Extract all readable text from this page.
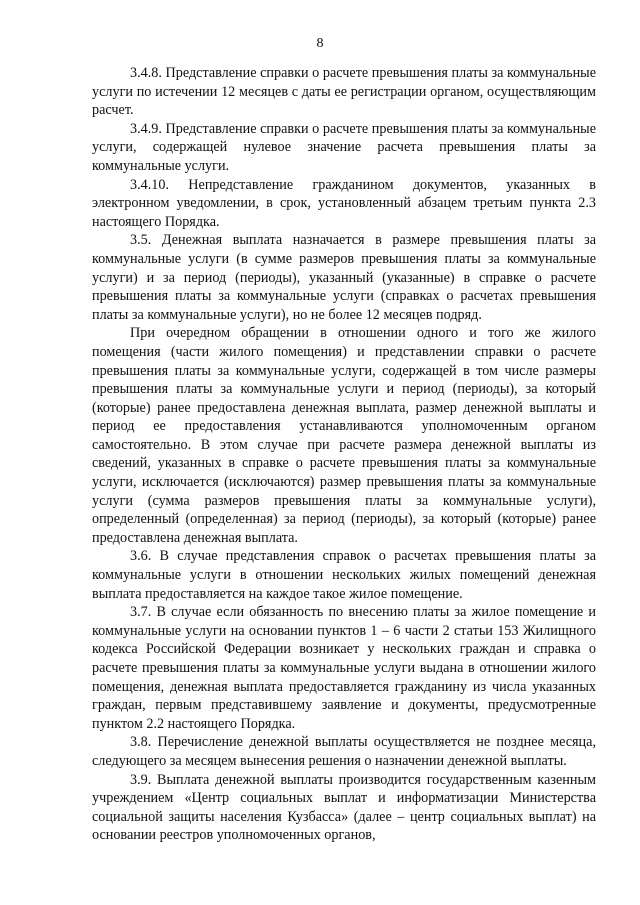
8

3.4.8. Представление справки о расчете превышения платы за коммунальные услуги по истечении 12 месяцев с даты ее регистрации органом, осуществляющим расчет.

3.4.9. Представление справки о расчете превышения платы за коммунальные услуги, содержащей нулевое значение расчета превышения платы за коммунальные услуги.

3.4.10. Непредставление гражданином документов, указанных в электронном уведомлении, в срок, установленный абзацем третьим пункта 2.3 настоящего Порядка.

3.5. Денежная выплата назначается в размере превышения платы за коммунальные услуги (в сумме размеров превышения платы за коммунальные услуги) и за период (периоды), указанный (указанные) в справке о расчете превышения платы за коммунальные услуги (справках о расчетах превышения платы за коммунальные услуги), но не более 12 месяцев подряд.

При очередном обращении в отношении одного и того же жилого помещения (части жилого помещения) и представлении справки о расчете превышения платы за коммунальные услуги, содержащей в том числе размеры превышения платы за коммунальные услуги и период (периоды), за который (которые) ранее предоставлена денежная выплата, размер денежной выплаты и период ее предоставления устанавливаются уполномоченным органом самостоятельно. В этом случае при расчете размера денежной выплаты из сведений, указанных в справке о расчете превышения платы за коммунальные услуги, исключается (исключаются) размер превышения платы за коммунальные услуги (сумма размеров превышения платы за коммунальные услуги), определенный (определенная) за период (периоды), за который (которые) ранее предоставлена денежная выплата.

3.6. В случае представления справок о расчетах превышения платы за коммунальные услуги в отношении нескольких жилых помещений денежная выплата предоставляется на каждое такое жилое помещение.

3.7. В случае если обязанность по внесению платы за жилое помещение и коммунальные услуги на основании пунктов 1 – 6 части 2 статьи 153 Жилищного кодекса Российской Федерации возникает у нескольких граждан и справка о расчете превышения платы за коммунальные услуги выдана в отношении жилого помещения, денежная выплата предоставляется гражданину из числа указанных граждан, первым представившему заявление и документы, предусмотренные пунктом 2.2 настоящего Порядка.

3.8. Перечисление денежной выплаты осуществляется не позднее месяца, следующего за месяцем вынесения решения о назначении денежной выплаты.

3.9. Выплата денежной выплаты производится государственным казенным учреждением «Центр социальных выплат и информатизации Министерства социальной защиты населения Кузбасса» (далее – центр социальных выплат) на основании реестров уполномоченных органов,
